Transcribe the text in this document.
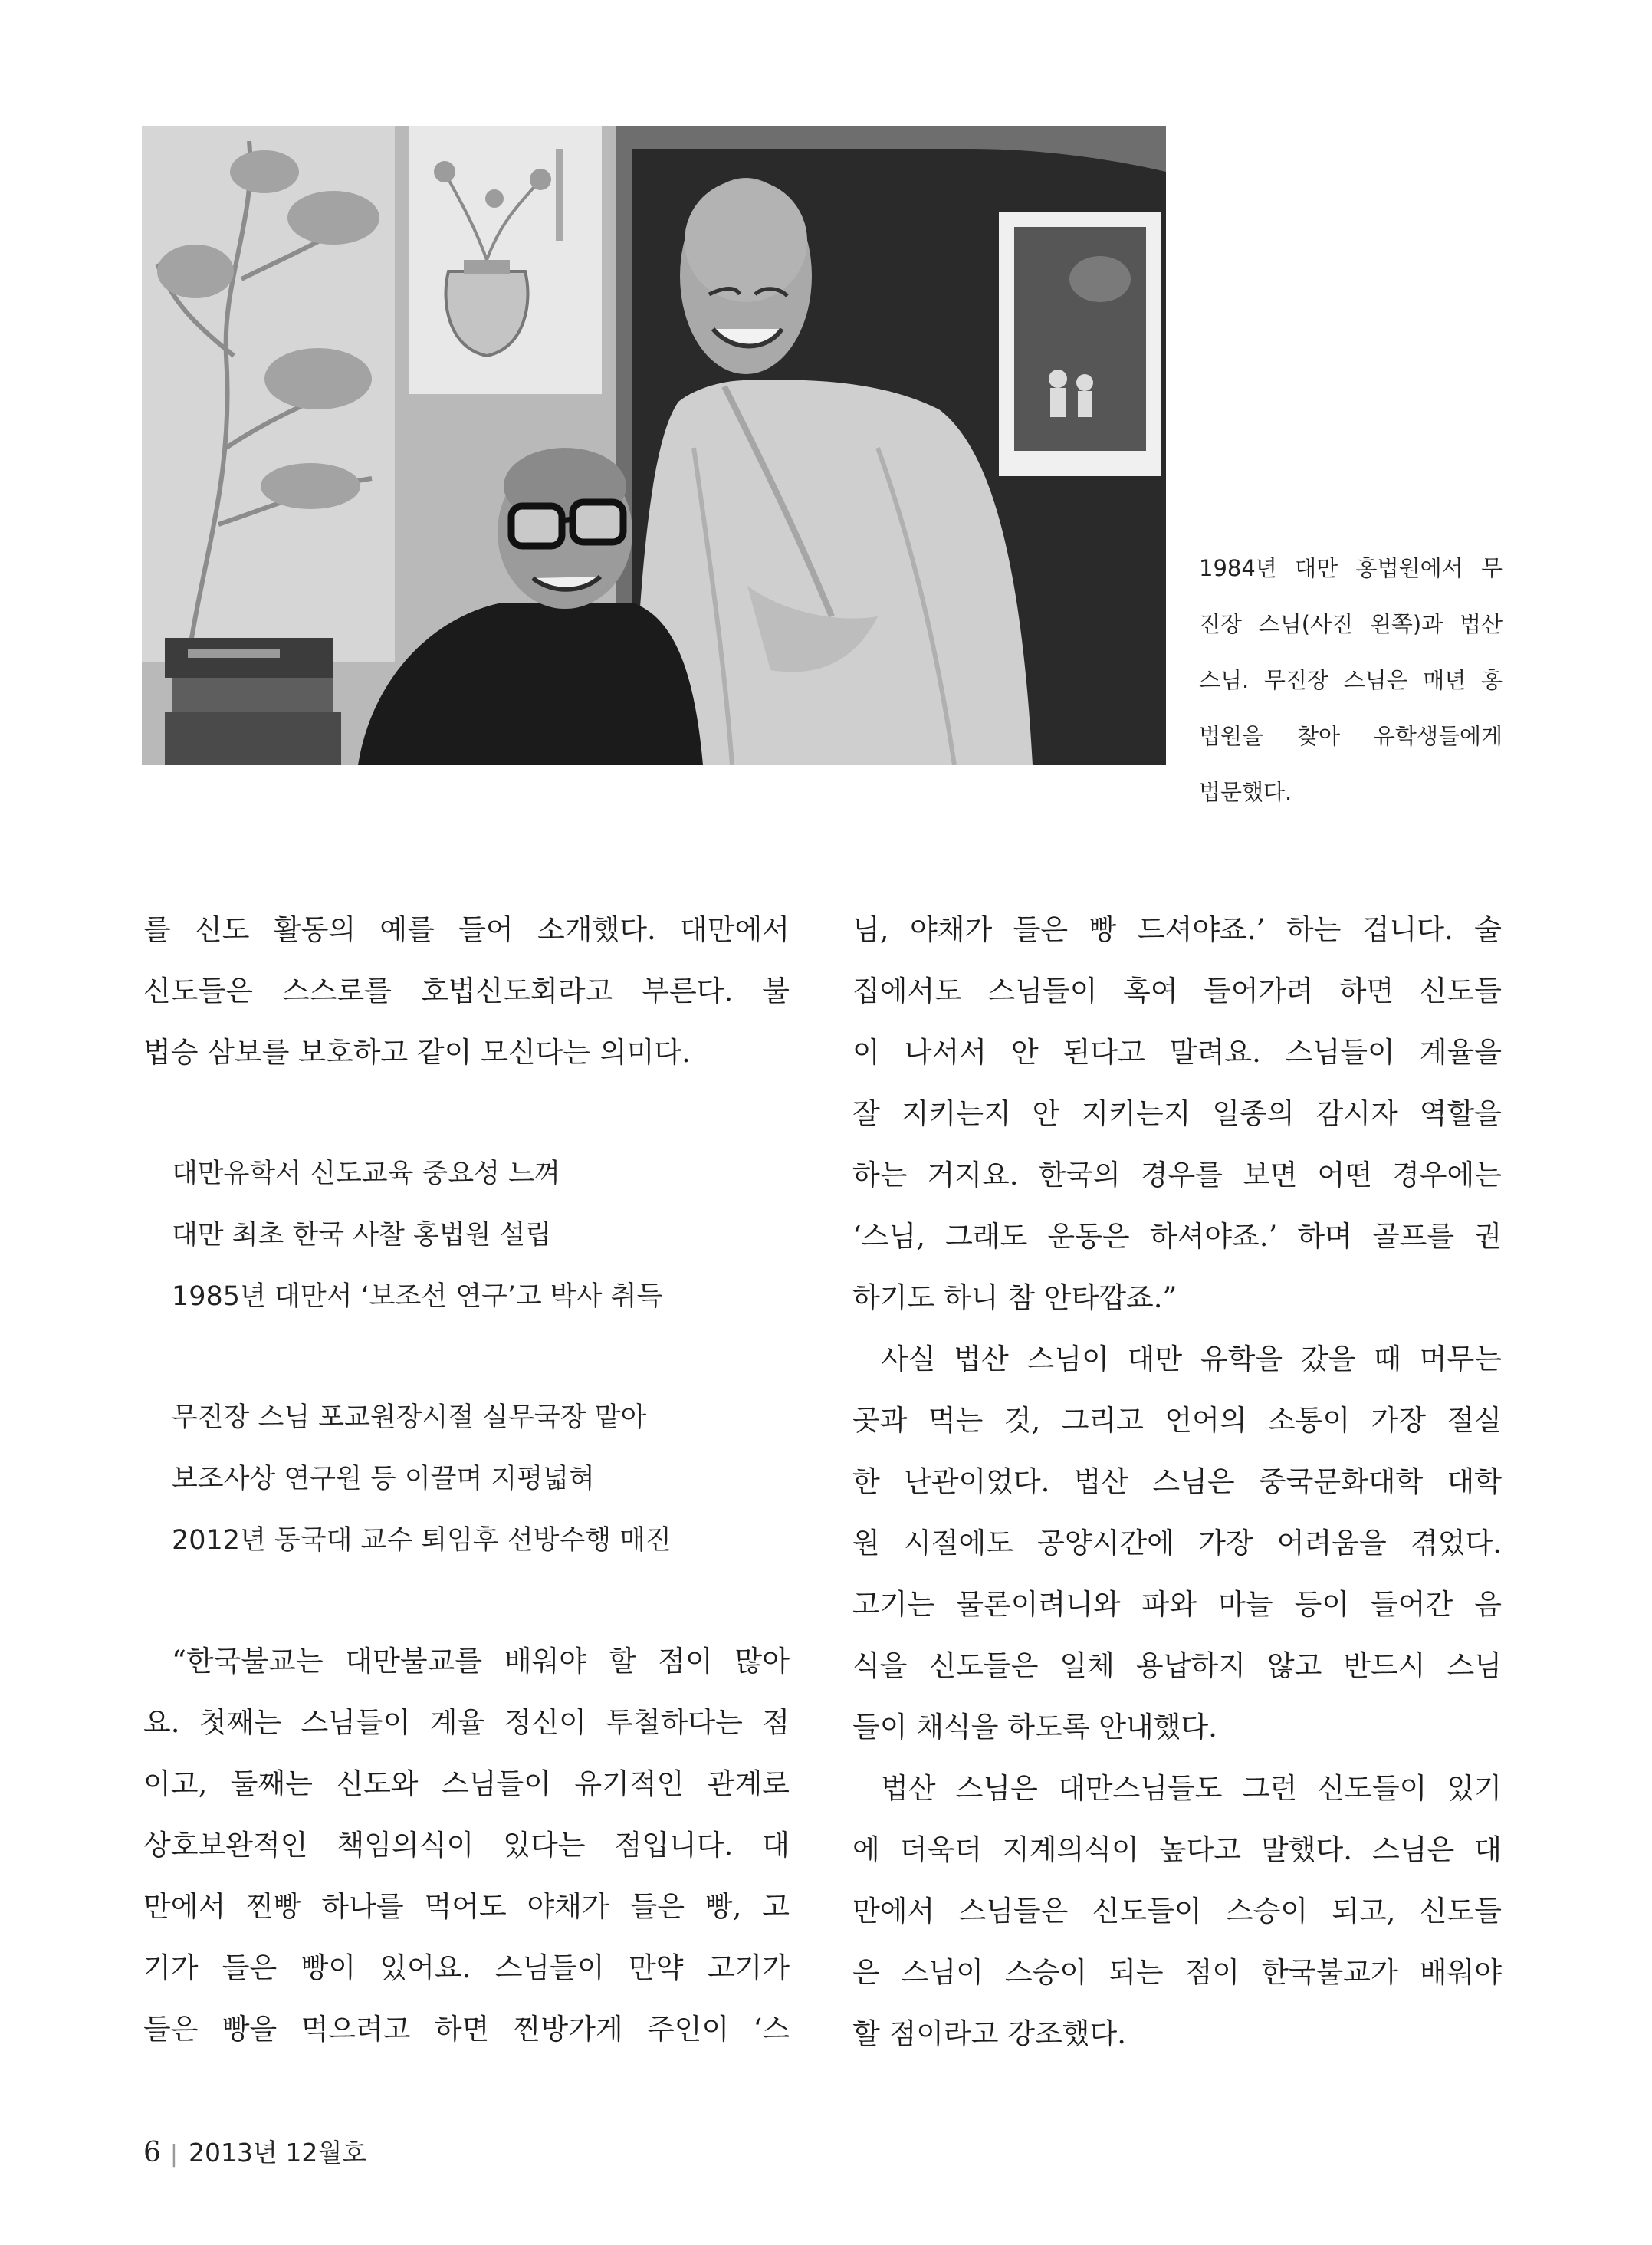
1984년 대만 홍법원에서 무
진장 스님(사진 왼쪽)과 법산
스님. 무진장 스님은 매년 홍
법원을 찾아 유학생들에게
법문했다.
를 신도 활동의 예를 들어 소개했다. 대만에서
신도들은 스스로를 호법신도회라고 부른다. 불
법승 삼보를 보호하고 같이 모신다는 의미다.
대만유학서 신도교육 중요성 느껴
대만 최초 한국 사찰 홍법원 설립
1985년 대만서 ‘보조선 연구’고 박사 취득
무진장 스님 포교원장시절 실무국장 맡아
보조사상 연구원 등 이끌며 지평넓혀
2012년 동국대 교수 퇴임후 선방수행 매진
“한국불교는 대만불교를 배워야 할 점이 많아
요. 첫째는 스님들이 계율 정신이 투철하다는 점
이고, 둘째는 신도와 스님들이 유기적인 관계로
상호보완적인 책임의식이 있다는 점입니다. 대
만에서 찐빵 하나를 먹어도 야채가 들은 빵, 고
기가 들은 빵이 있어요. 스님들이 만약 고기가
들은 빵을 먹으려고 하면 찐방가게 주인이 ‘스
님, 야채가 들은 빵 드셔야죠.’ 하는 겁니다. 술
집에서도 스님들이 혹여 들어가려 하면 신도들
이 나서서 안 된다고 말려요. 스님들이 계율을
잘 지키는지 안 지키는지 일종의 감시자 역할을
하는 거지요. 한국의 경우를 보면 어떤 경우에는
‘스님, 그래도 운동은 하셔야죠.’ 하며 골프를 권
하기도 하니 참 안타깝죠.”
사실 법산 스님이 대만 유학을 갔을 때 머무는
곳과 먹는 것, 그리고 언어의 소통이 가장 절실
한 난관이었다. 법산 스님은 중국문화대학 대학
원 시절에도 공양시간에 가장 어려움을 겪었다.
고기는 물론이려니와 파와 마늘 등이 들어간 음
식을 신도들은 일체 용납하지 않고 반드시 스님
들이 채식을 하도록 안내했다.
법산 스님은 대만스님들도 그런 신도들이 있기
에 더욱더 지계의식이 높다고 말했다. 스님은 대
만에서 스님들은 신도들이 스승이 되고, 신도들
은 스님이 스승이 되는 점이 한국불교가 배워야
할 점이라고 강조했다.
6 | 2013년 12월호
